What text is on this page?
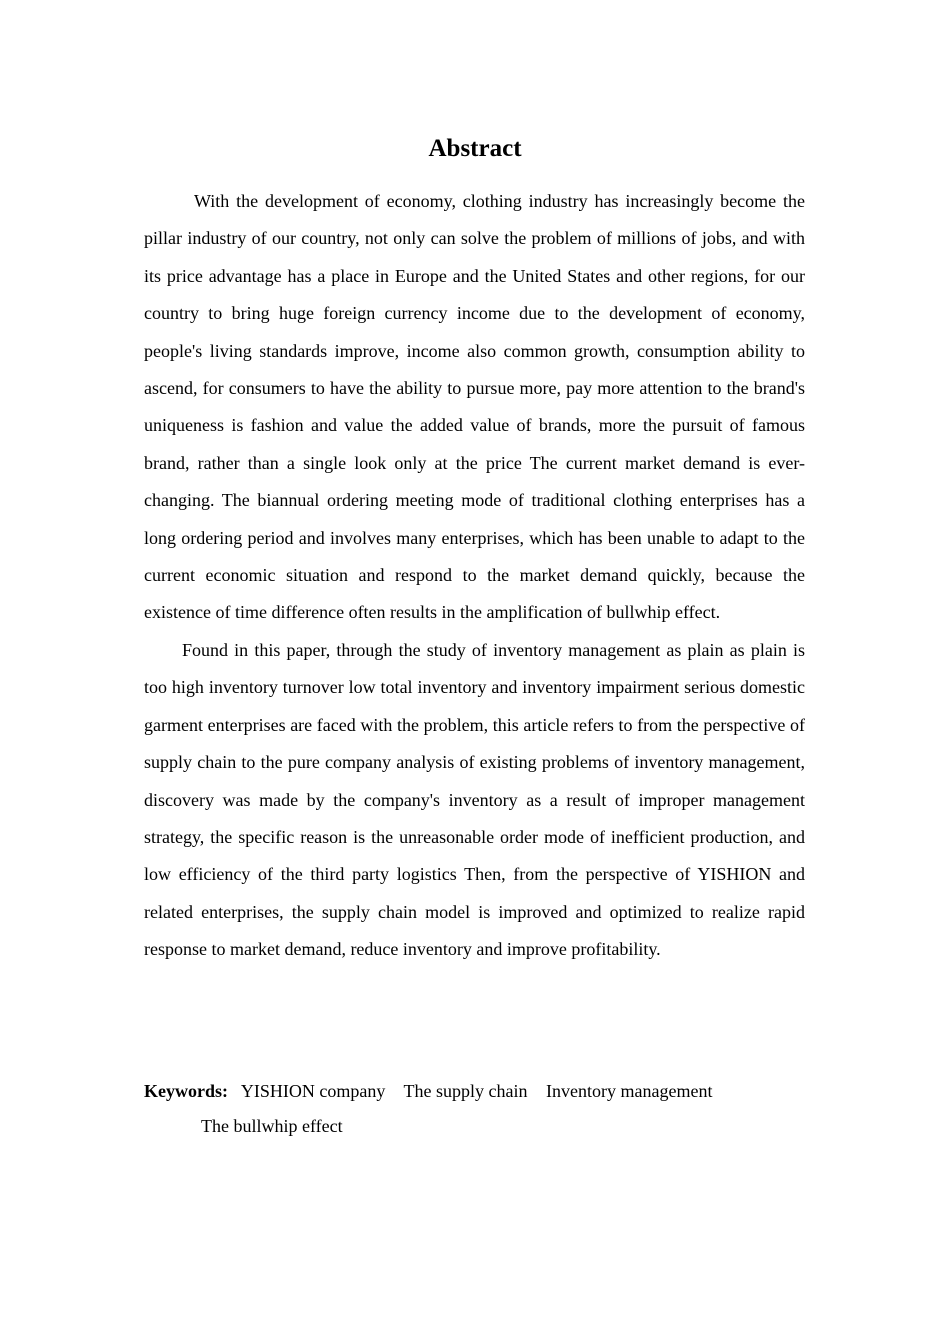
Abstract

With the development of economy, clothing industry has increasingly become the pillar industry of our country, not only can solve the problem of millions of jobs, and with its price advantage has a place in Europe and the United States and other regions, for our country to bring huge foreign currency income due to the development of economy, people's living standards improve, income also common growth, consumption ability to ascend, for consumers to have the ability to pursue more, pay more attention to the brand's uniqueness is fashion and value the added value of brands, more the pursuit of famous brand, rather than a single look only at the price The current market demand is ever-changing. The biannual ordering meeting mode of traditional clothing enterprises has a long ordering period and involves many enterprises, which has been unable to adapt to the current economic situation and respond to the market demand quickly, because the existence of time difference often results in the amplification of bullwhip effect.

Found in this paper, through the study of inventory management as plain as plain is too high inventory turnover low total inventory and inventory impairment serious domestic garment enterprises are faced with the problem, this article refers to from the perspective of supply chain to the pure company analysis of existing problems of inventory management, discovery was made by the company's inventory as a result of improper management strategy, the specific reason is the unreasonable order mode of inefficient production, and low efficiency of the third party logistics Then, from the perspective of YISHION and related enterprises, the supply chain model is improved and optimized to realize rapid response to market demand, reduce inventory and improve profitability.

Keywords: YISHION company The supply chain Inventory management
The bullwhip effect
